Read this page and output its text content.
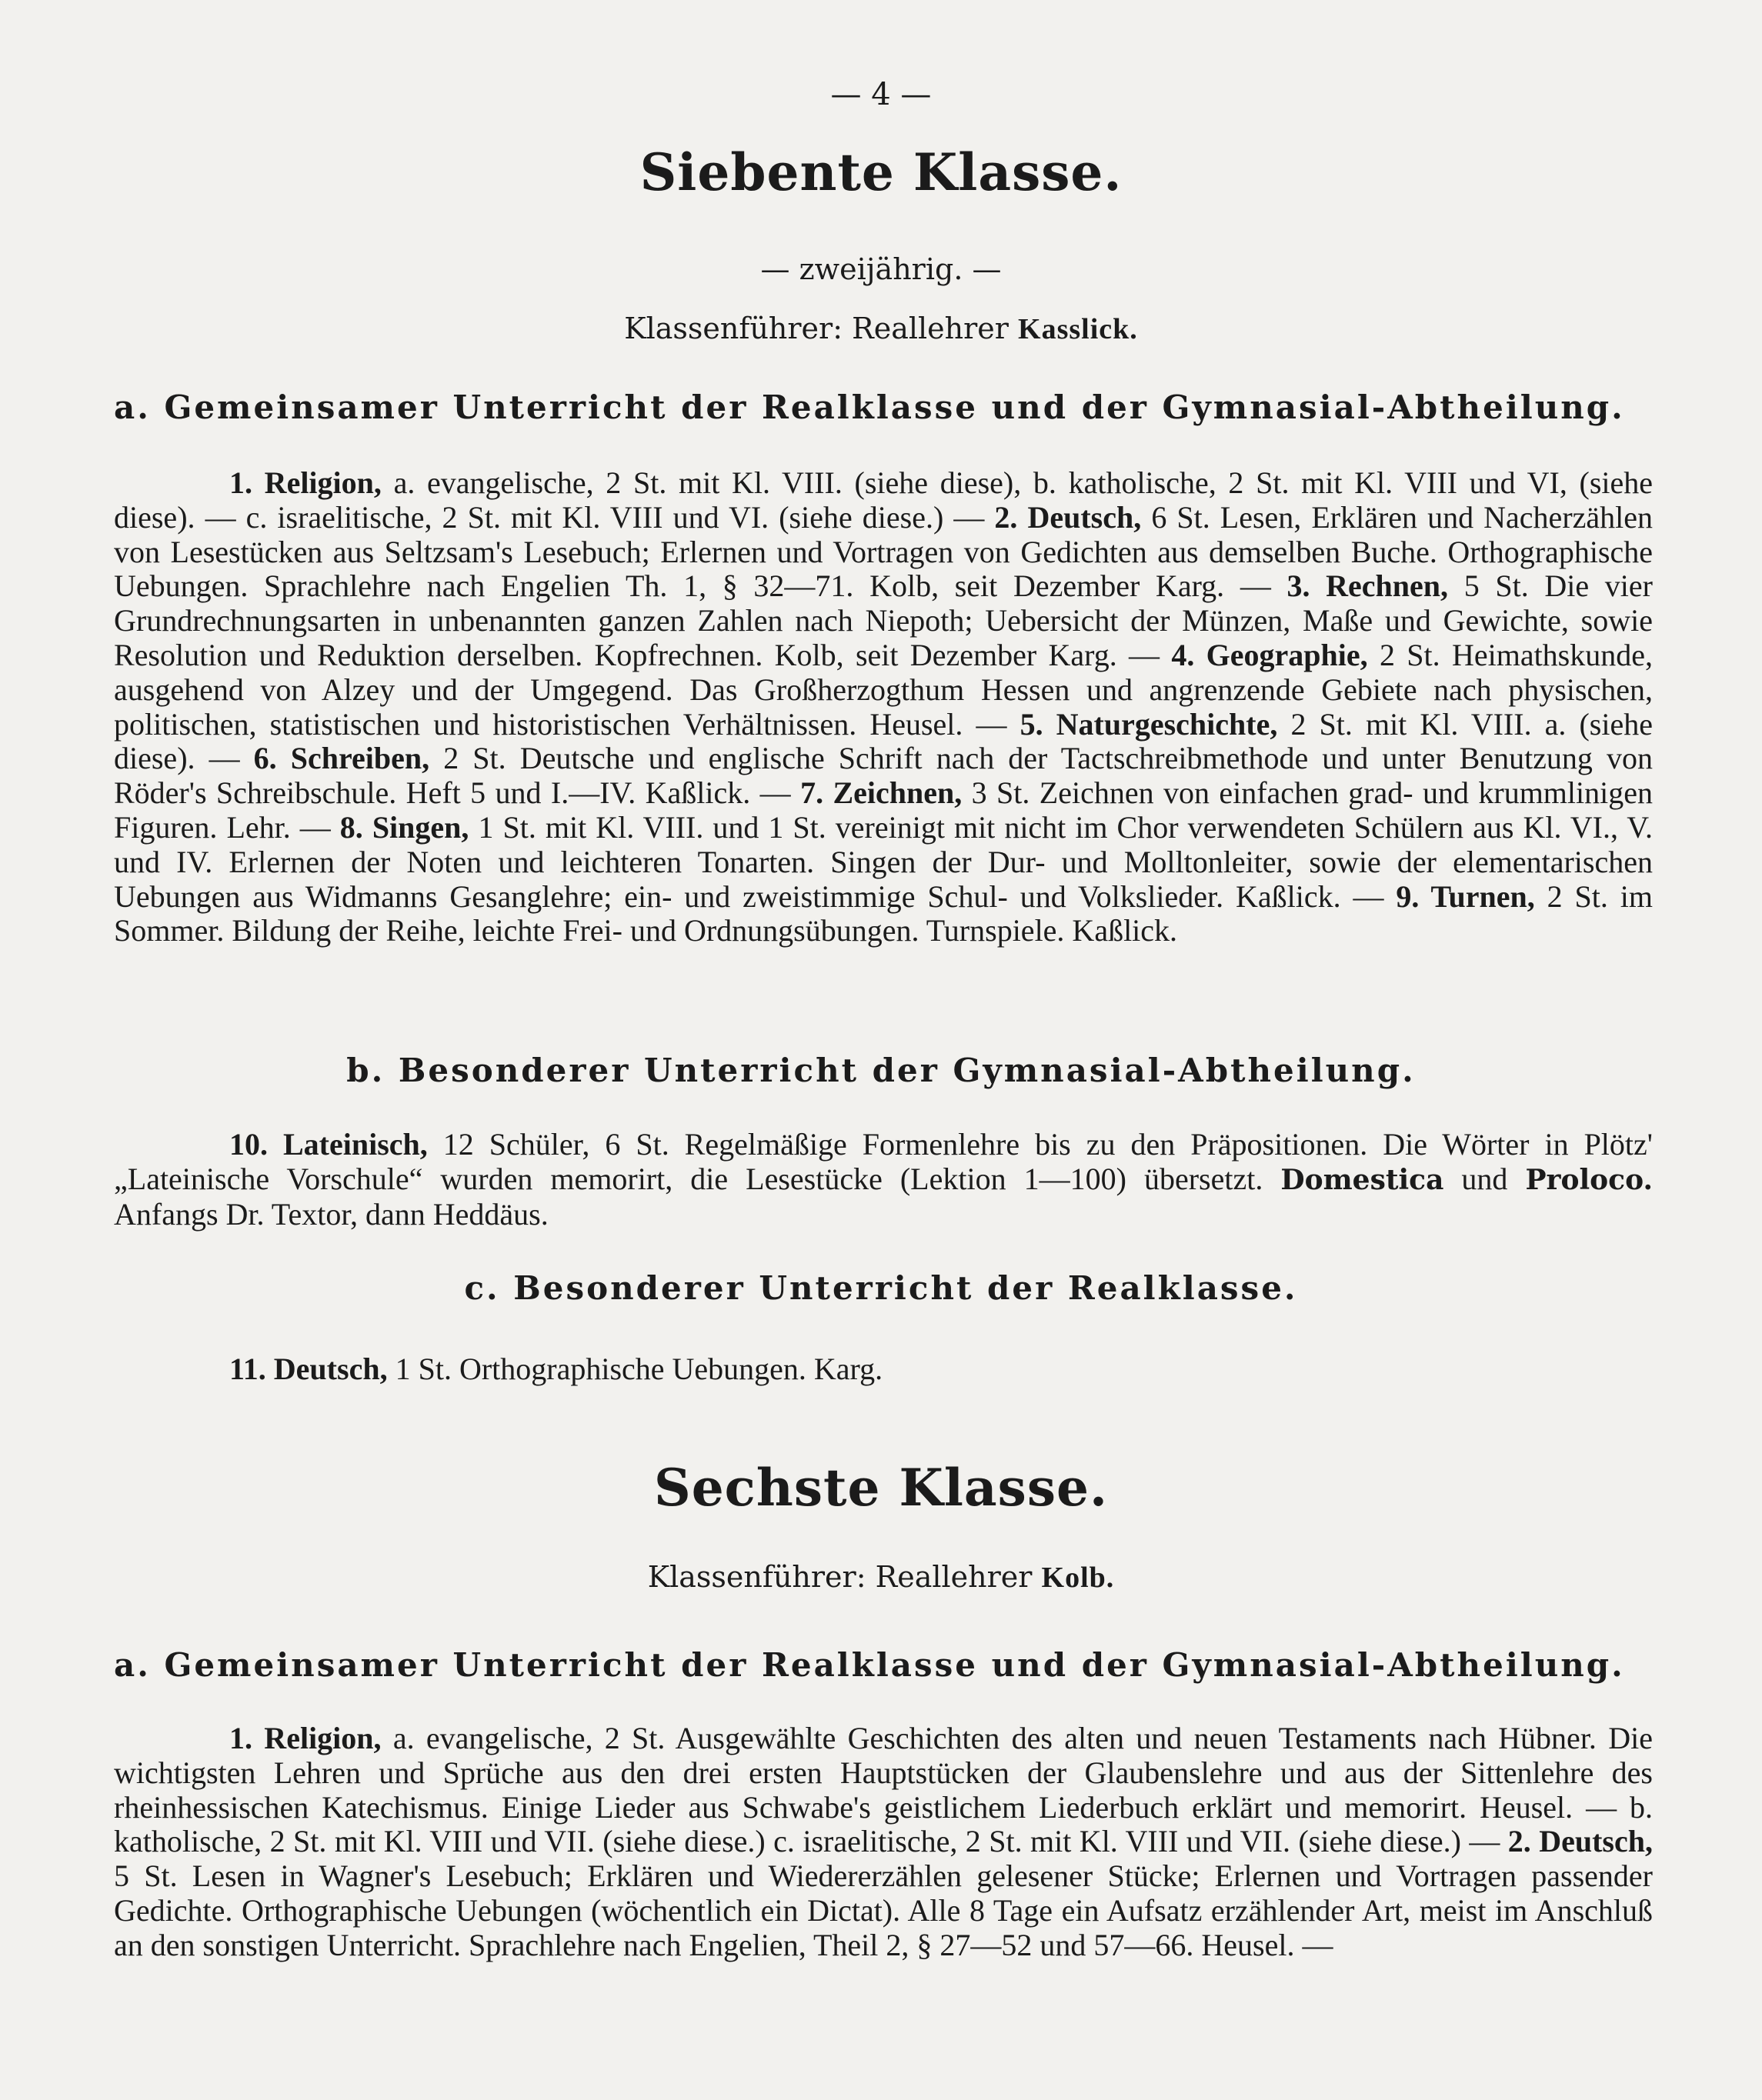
— 4 —
Siebente Klasse.
— zweijährig. —
Klassenführer: Reallehrer Kasslick.
a. Gemeinsamer Unterricht der Realklasse und der Gymnasial-Abtheilung.
1. Religion, a. evangelische, 2 St. mit Kl. VIII. (siehe diese), b. katholische, 2 St. mit Kl. VIII und VI, (siehe diese). — c. israelitische, 2 St. mit Kl. VIII und VI. (siehe diese.) — 2. Deutsch, 6 St. Lesen, Erklären und Nacherzählen von Lesestücken aus Seltzsam's Lesebuch; Erlernen und Vortragen von Gedichten aus demselben Buche. Orthographische Uebungen. Sprachlehre nach Engelien Th. 1, § 32—71. Kolb, seit Dezember Karg. — 3. Rechnen, 5 St. Die vier Grundrechnungsarten in unbenannten ganzen Zahlen nach Niepoth; Uebersicht der Münzen, Maße und Gewichte, sowie Resolution und Reduktion derselben. Kopfrechnen. Kolb, seit Dezember Karg. — 4. Geographie, 2 St. Heimathskunde, ausgehend von Alzey und der Umgegend. Das Großherzogthum Hessen und angrenzende Gebiete nach physischen, politischen, statistischen und historistischen Verhältnissen. Heusel. — 5. Naturgeschichte, 2 St. mit Kl. VIII. a. (siehe diese). — 6. Schreiben, 2 St. Deutsche und englische Schrift nach der Tactschreibmethode und unter Benutzung von Röder's Schreibschule. Heft 5 und I.—IV. Kaßlick. — 7. Zeichnen, 3 St. Zeichnen von einfachen grad- und krummlinigen Figuren. Lehr. — 8. Singen, 1 St. mit Kl. VIII. und 1 St. vereinigt mit nicht im Chor verwendeten Schülern aus Kl. VI., V. und IV. Erlernen der Noten und leichteren Tonarten. Singen der Dur- und Molltonleiter, sowie der elementarischen Uebungen aus Widmanns Gesanglehre; ein- und zweistimmige Schul- und Volkslieder. Kaßlick. — 9. Turnen, 2 St. im Sommer. Bildung der Reihe, leichte Frei- und Ordnungsübungen. Turnspiele. Kaßlick.
b. Besonderer Unterricht der Gymnasial-Abtheilung.
10. Lateinisch, 12 Schüler, 6 St. Regelmäßige Formenlehre bis zu den Präpositionen. Die Wörter in Plötz' „Lateinische Vorschule“ wurden memorirt, die Lesestücke (Lektion 1—100) übersetzt. Domestica und Proloco. Anfangs Dr. Textor, dann Heddäus.
c. Besonderer Unterricht der Realklasse.
11. Deutsch, 1 St. Orthographische Uebungen. Karg.
Sechste Klasse.
Klassenführer: Reallehrer Kolb.
a. Gemeinsamer Unterricht der Realklasse und der Gymnasial-Abtheilung.
1. Religion, a. evangelische, 2 St. Ausgewählte Geschichten des alten und neuen Testaments nach Hübner. Die wichtigsten Lehren und Sprüche aus den drei ersten Hauptstücken der Glaubenslehre und aus der Sittenlehre des rheinhessischen Katechismus. Einige Lieder aus Schwabe's geistlichem Liederbuch erklärt und memorirt. Heusel. — b. katholische, 2 St. mit Kl. VIII und VII. (siehe diese.) c. israelitische, 2 St. mit Kl. VIII und VII. (siehe diese.) — 2. Deutsch, 5 St. Lesen in Wagner's Lesebuch; Erklären und Wiedererzählen gelesener Stücke; Erlernen und Vortragen passender Gedichte. Orthographische Uebungen (wöchentlich ein Dictat). Alle 8 Tage ein Aufsatz erzählender Art, meist im Anschluß an den sonstigen Unterricht. Sprachlehre nach Engelien, Theil 2, § 27—52 und 57—66. Heusel. —
